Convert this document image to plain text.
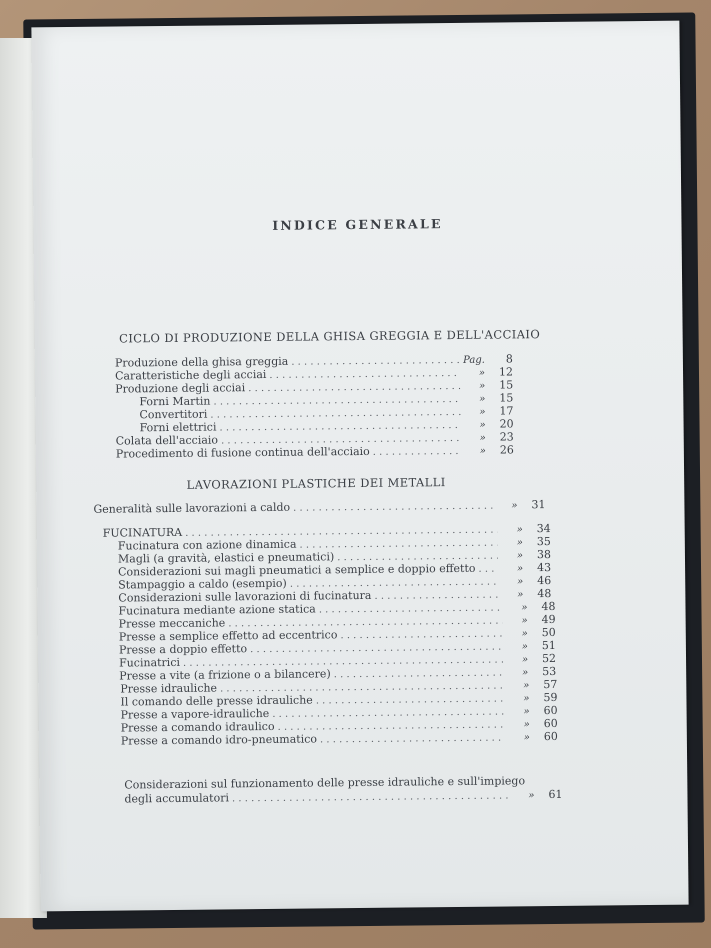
INDICE GENERALE
CICLO DI PRODUZIONE DELLA GHISA GREGGIA E DELL'ACCIAIO
Produzione della ghisa greggia . . .	Pag.	8
Caratteristiche degli acciai . . .	»	12
Produzione degli acciai . . .	»	15
Forni Martin . . .	»	15
Convertitori . . .	»	17
Forni elettrici . . .	»	20
Colata dell'acciaio . . .	»	23
Procedimento di fusione continua dell'acciaio . . .	»	26
LAVORAZIONI PLASTICHE DEI METALLI
Generalità sulle lavorazioni a caldo . . .	»	31
FUCINATURA . . .	»	34
Fucinatura con azione dinamica . . .	»	35
Magli (a gravità, elastici e pneumatici) . . .	»	38
Considerazioni sui magli pneumatici a semplice e doppio effetto . . .	»	43
Stampaggio a caldo (esempio) . . .	»	46
Considerazioni sulle lavorazioni di fucinatura . . .	»	48
Fucinatura mediante azione statica . . .	»	48
Presse meccaniche . . .	»	49
Presse a semplice effetto ad eccentrico . . .	»	50
Presse a doppio effetto . . .	»	51
Fucinatrici . . .	»	52
Presse a vite (a frizione o a bilancere) . . .	»	53
Presse idrauliche . . .	»	57
Il comando delle presse idrauliche . . .	»	59
Presse a vapore-idrauliche . . .	»	60
Presse a comando idraulico . . .	»	60
Presse a comando idro-pneumatico . . .	»	60
Considerazioni sul funzionamento delle presse idrauliche e sull'impiego
degli accumulatori . . .	»	61
